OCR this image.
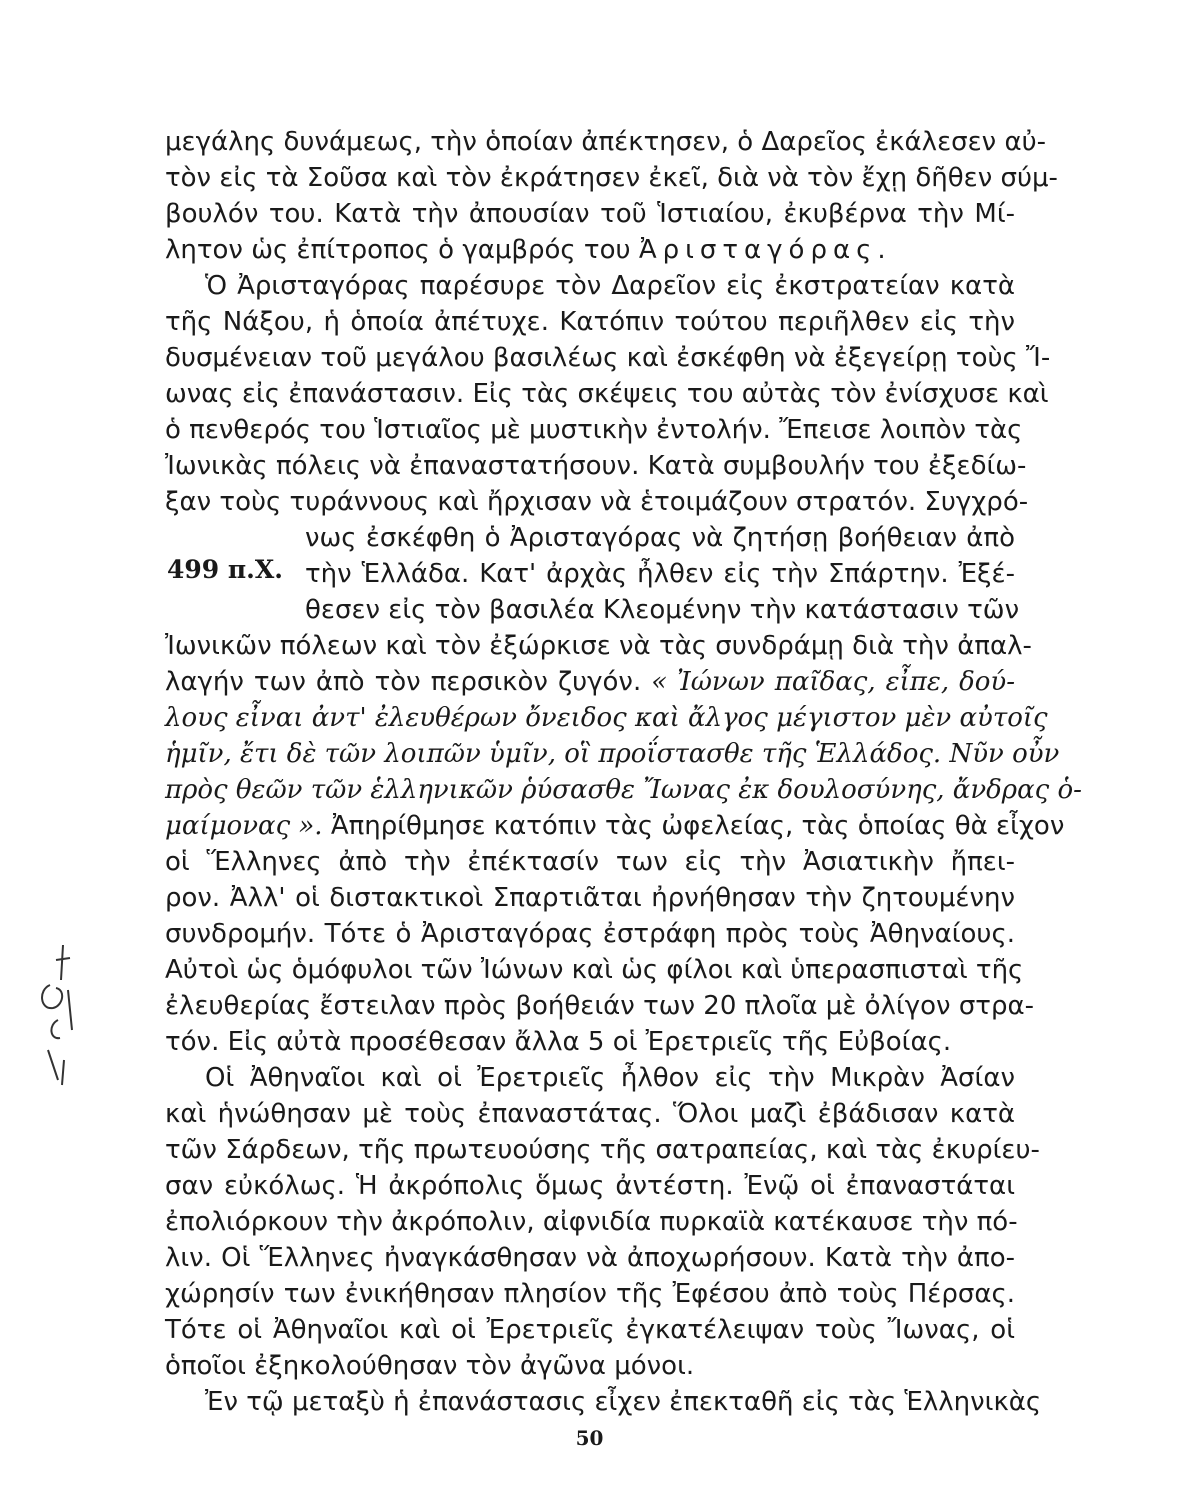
μεγάλης δυνάμεως, τὴν ὁποίαν ἀπέκτησεν, ὁ Δαρεῖος ἐκάλεσεν αὐ-
τὸν εἰς τὰ Σοῦσα καὶ τὸν ἐκράτησεν ἐκεῖ, διὰ νὰ τὸν ἔχῃ δῆθεν σύμ-
βουλόν του. Κατὰ τὴν ἀπουσίαν τοῦ Ἱστιαίου, ἐκυβέρνα τὴν Μί-
λητον ὡς ἐπίτροπος ὁ γαμβρός του Ἀρισταγόρας.
Ὁ Ἀρισταγόρας παρέσυρε τὸν Δαρεῖον εἰς ἐκστρατείαν κατὰ
τῆς Νάξου, ἡ ὁποία ἀπέτυχε. Κατόπιν τούτου περιῆλθεν εἰς τὴν
δυσμένειαν τοῦ μεγάλου βασιλέως καὶ ἐσκέφθη νὰ ἐξεγείρῃ τοὺς Ἴ-
ωνας εἰς ἐπανάστασιν. Εἰς τὰς σκέψεις του αὐτὰς τὸν ἐνίσχυσε καὶ
ὁ πενθερός του Ἱστιαῖος μὲ μυστικὴν ἐντολήν. Ἔπεισε λοιπὸν τὰς
Ἰωνικὰς πόλεις νὰ ἐπαναστατήσουν. Κατὰ συμβουλήν του ἐξεδίω-
ξαν τοὺς τυράννους καὶ ἤρχισαν νὰ ἑτοιμάζουν στρατόν. Συγχρό-
νως ἐσκέφθη ὁ Ἀρισταγόρας νὰ ζητήσῃ βοήθειαν ἀπὸ
499 π.Χ. τὴν Ἑλλάδα. Κατ' ἀρχὰς ἦλθεν εἰς τὴν Σπάρτην. Ἐξέ-
θεσεν εἰς τὸν βασιλέα Κλεομένην τὴν κατάστασιν τῶν
Ἰωνικῶν πόλεων καὶ τὸν ἐξώρκισε νὰ τὰς συνδράμῃ διὰ τὴν ἀπαλ-
λαγήν των ἀπὸ τὸν περσικὸν ζυγόν. « Ἰώνων παῖδας, εἶπε, δού-
λους εἶναι ἀντ' ἐλευθέρων ὄνειδος καὶ ἄλγος μέγιστον μὲν αὐτοῖς
ἡμῖν, ἔτι δὲ τῶν λοιπῶν ὑμῖν, οἳ προΐστασθε τῆς Ἑλλάδος. Νῦν οὖν
πρὸς θεῶν τῶν ἑλληνικῶν ῥύσασθε Ἴωνας ἐκ δουλοσύνης, ἄνδρας ὁ-
μαίμονας ». Ἀπηρίθμησε κατόπιν τὰς ὠφελείας, τὰς ὁποίας θὰ εἶχον
οἱ Ἕλληνες ἀπὸ τὴν ἐπέκτασίν των εἰς τὴν Ἀσιατικὴν ἤπει-
ρον. Ἀλλ' οἱ διστακτικοὶ Σπαρτιᾶται ἠρνήθησαν τὴν ζητουμένην
συνδρομήν. Τότε ὁ Ἀρισταγόρας ἐστράφη πρὸς τοὺς Ἀθηναίους.
Αὐτοὶ ὡς ὁμόφυλοι τῶν Ἰώνων καὶ ὡς φίλοι καὶ ὑπερασπισταὶ τῆς
ἐλευθερίας ἔστειλαν πρὸς βοήθειάν των 20 πλοῖα μὲ ὀλίγον στρα-
τόν. Εἰς αὐτὰ προσέθεσαν ἄλλα 5 οἱ Ἐρετριεῖς τῆς Εὐβοίας.
Οἱ Ἀθηναῖοι καὶ οἱ Ἐρετριεῖς ἦλθον εἰς τὴν Μικρὰν Ἀσίαν
καὶ ἡνώθησαν μὲ τοὺς ἐπαναστάτας. Ὅλοι μαζὶ ἐβάδισαν κατὰ
τῶν Σάρδεων, τῆς πρωτευούσης τῆς σατραπείας, καὶ τὰς ἐκυρίευ-
σαν εὐκόλως. Ἡ ἀκρόπολις ὅμως ἀντέστη. Ἐνῷ οἱ ἐπαναστάται
ἐπολιόρκουν τὴν ἀκρόπολιν, αἰφνιδία πυρκαϊὰ κατέκαυσε τὴν πό-
λιν. Οἱ Ἕλληνες ἠναγκάσθησαν νὰ ἀποχωρήσουν. Κατὰ τὴν ἀπο-
χώρησίν των ἐνικήθησαν πλησίον τῆς Ἐφέσου ἀπὸ τοὺς Πέρσας.
Τότε οἱ Ἀθηναῖοι καὶ οἱ Ἐρετριεῖς ἐγκατέλειψαν τοὺς Ἴωνας, οἱ
ὁποῖοι ἐξηκολούθησαν τὸν ἀγῶνα μόνοι.
Ἐν τῷ μεταξὺ ἡ ἐπανάστασις εἶχεν ἐπεκταθῆ εἰς τὰς Ἑλληνικὰς
50
